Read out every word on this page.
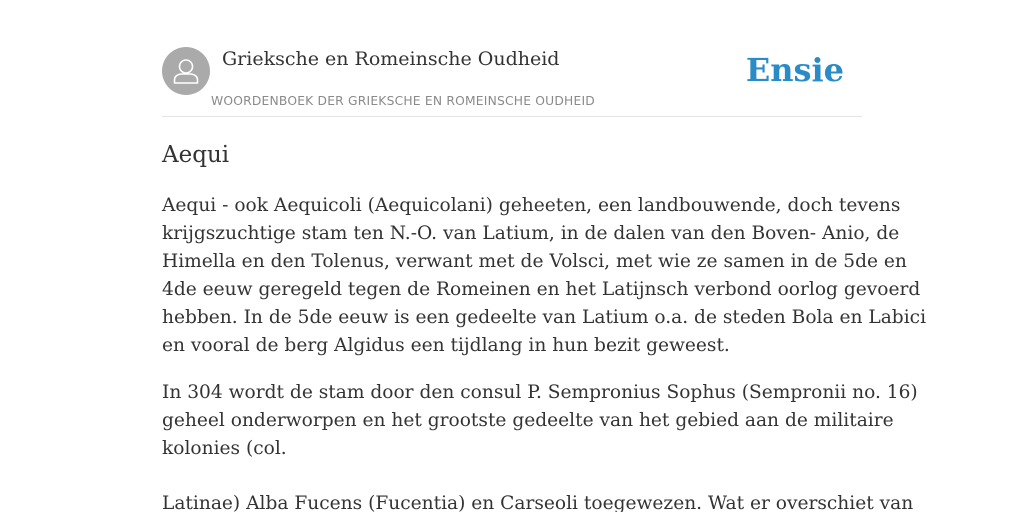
Grieksche en Romeinsche Oudheid
WOORDENBOEK DER GRIEKSCHE EN ROMEINSCHE OUDHEID
Ensie
Aequi

Aequi - ook Aequicoli (Aequicolani) geheeten, een landbouwende, doch tevens
krijgszuchtige stam ten N.-O. van Latium, in de dalen van den Boven- Anio, de
Himella en den Tolenus, verwant met de Volsci, met wie ze samen in de 5de en
4de eeuw geregeld tegen de Romeinen en het Latijnsch verbond oorlog gevoerd
hebben. In de 5de eeuw is een gedeelte van Latium o.a. de steden Bola en Labici
en vooral de berg Algidus een tijdlang in hun bezit geweest.

In 304 wordt de stam door den consul P. Sempronius Sophus (Sempronii no. 16)
geheel onderworpen en het grootste gedeelte van het gebied aan de militaire
kolonies (col.

Latinae) Alba Fucens (Fucentia) en Carseoli toegewezen. Wat er overschiet van
